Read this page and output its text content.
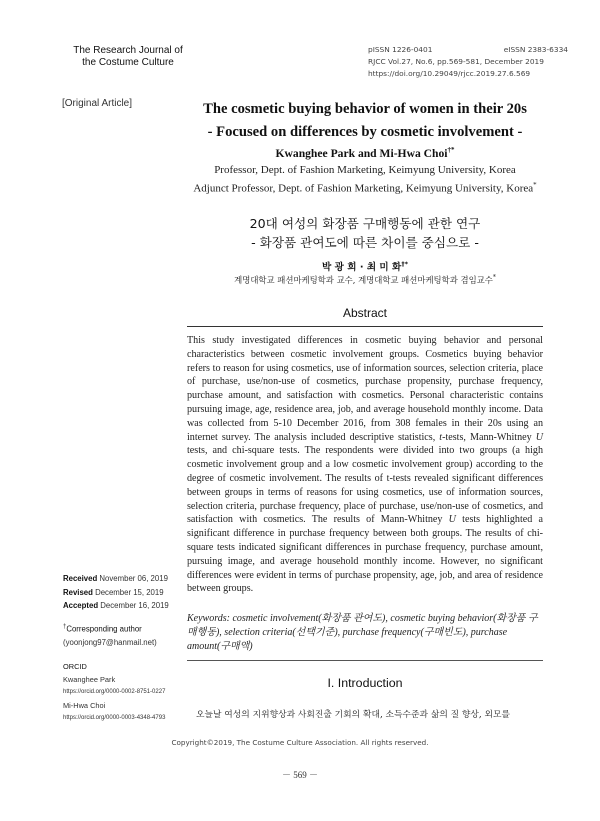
The Research Journal of
the Costume Culture
pISSN 1226-0401	eISSN 2383-6334
RJCC Vol.27, No.6, pp.569-581, December 2019
https://doi.org/10.29049/rjcc.2019.27.6.569
[Original Article]	The cosmetic buying behavior of women in their 20s
- Focused on differences by cosmetic involvement -
Kwanghee Park and Mi-Hwa Choi†*
Professor, Dept. of Fashion Marketing, Keimyung University, Korea
Adjunct Professor, Dept. of Fashion Marketing, Keimyung University, Korea*
20대 여성의 화장품 구매행동에 관한 연구
- 화장품 관여도에 따른 차이를 중심으로 -
박 광 희 · 최 미 화†*
계명대학교 패션마케팅학과 교수, 계명대학교 패션마케팅학과 겸임교수*
Abstract

This study investigated differences in cosmetic buying behavior and personal characteristics between cosmetic involvement groups. Cosmetics buying behavior refers to reason for using cosmetics, use of information sources, selection criteria, place of purchase, use/non-use of cosmetics, purchase propensity, purchase frequency, purchase amount, and satisfaction with cosmetics. Personal characteristic contains pursuing image, age, residence area, job, and average household monthly income. Data was collected from 5-10 December 2016, from 308 females in their 20s using an internet survey. The analysis included descriptive statistics, t-tests, Mann-Whitney U tests, and chi-square tests. The respondents were divided into two groups (a high cosmetic involvement group and a low cosmetic involvement group) according to the degree of cosmetic involvement. The results of t-tests revealed significant differences between groups in terms of reasons for using cosmetics, use of information sources, selection criteria, purchase frequency, place of purchase, use/non-use of cosmetics, and satisfaction with cosmetics. The results of Mann-Whitney U tests highlighted a significant difference in purchase frequency between both groups. The results of chi-square tests indicated significant differences in purchase frequency, purchase amount, pursuing image, and average household monthly income. However, no significant differences were evident in terms of purchase propensity, age, job, and area of residence between groups.

Keywords: cosmetic involvement(화장품 관여도), cosmetic buying behavior(화장품 구매행동), selection criteria(선택기준), purchase frequency(구매빈도), purchase amount(구매액)

Received November 06, 2019
Revised December 15, 2019
Accepted December 16, 2019
†Corresponding author
(yoonjong97@hanmail.net)
ORCID
Kwanghee Park
https://orcid.org/0000-0002-8751-0227
Mi-Hwa Choi
https://orcid.org/0000-0003-4348-4793
I. Introduction
오늘날 여성의 지위향상과 사회진출 기회의 확대, 소득수준과 삶의 질 향상, 외모를
Copyright©2019, The Costume Culture Association. All rights reserved.
－ 569 －
